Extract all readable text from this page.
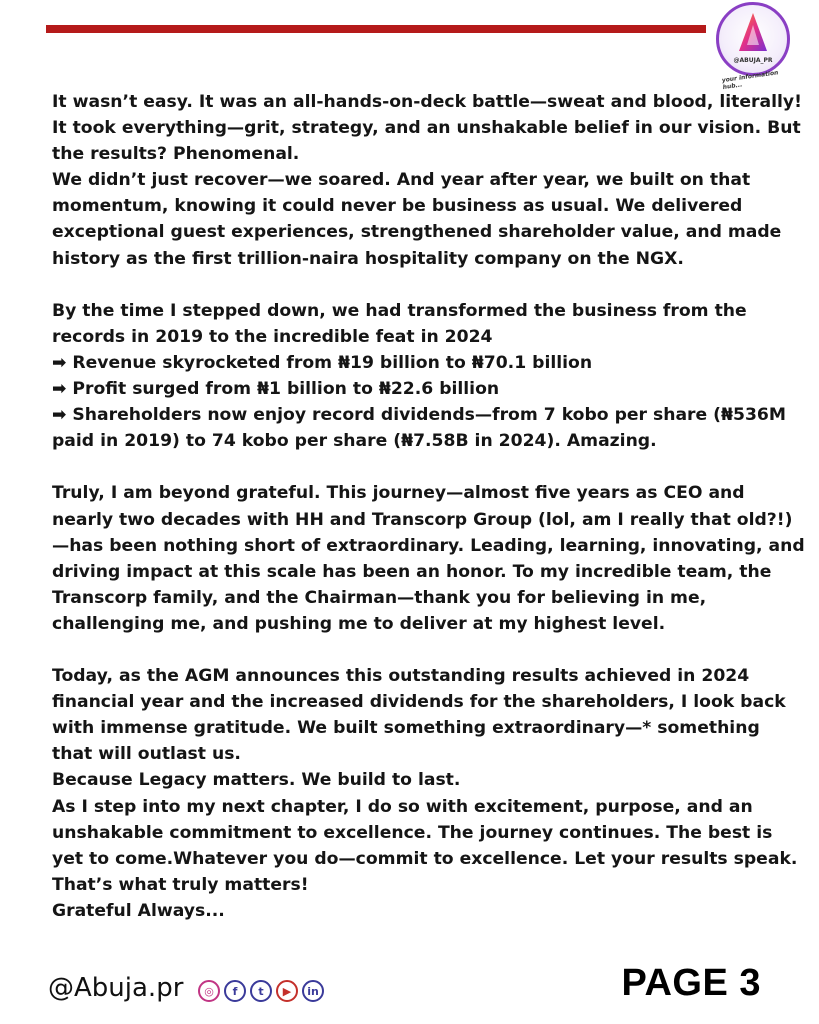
@ABUJA_PR
your information hub...

It wasn’t easy. It was an all-hands-on-deck battle—sweat and blood, literally!
It took everything—grit, strategy, and an unshakable belief in our vision. But
the results? Phenomenal.
We didn’t just recover—we soared. And year after year, we built on that
momentum, knowing it could never be business as usual. We delivered
exceptional guest experiences, strengthened shareholder value, and made
history as the first trillion-naira hospitality company on the NGX.

By the time I stepped down, we had transformed the business from the
records in 2019 to the incredible feat in 2024
➡ Revenue skyrocketed from ₦19 billion to ₦70.1 billion
➡ Profit surged from ₦1 billion to ₦22.6 billion
➡ Shareholders now enjoy record dividends—from 7 kobo per share (₦536M
paid in 2019) to 74 kobo per share (₦7.58B in 2024). Amazing.

Truly, I am beyond grateful. This journey—almost five years as CEO and
nearly two decades with HH and Transcorp Group (lol, am I really that old?!)
—has been nothing short of extraordinary. Leading, learning, innovating, and
driving impact at this scale has been an honor. To my incredible team, the
Transcorp family, and the Chairman—thank you for believing in me,
challenging me, and pushing me to deliver at my highest level.

Today, as the AGM announces this outstanding results achieved in 2024
financial year and the increased dividends for the shareholders, I look back
with immense gratitude. We built something extraordinary—* something
that will outlast us.
Because Legacy matters. We build to last.
As I step into my next chapter, I do so with excitement, purpose, and an
unshakable commitment to excellence. The journey continues. The best is
yet to come.Whatever you do—commit to excellence. Let your results speak.
That’s what truly matters!
Grateful Always...

@Abuja.pr	◎	f	t	▶	in	PAGE 3
